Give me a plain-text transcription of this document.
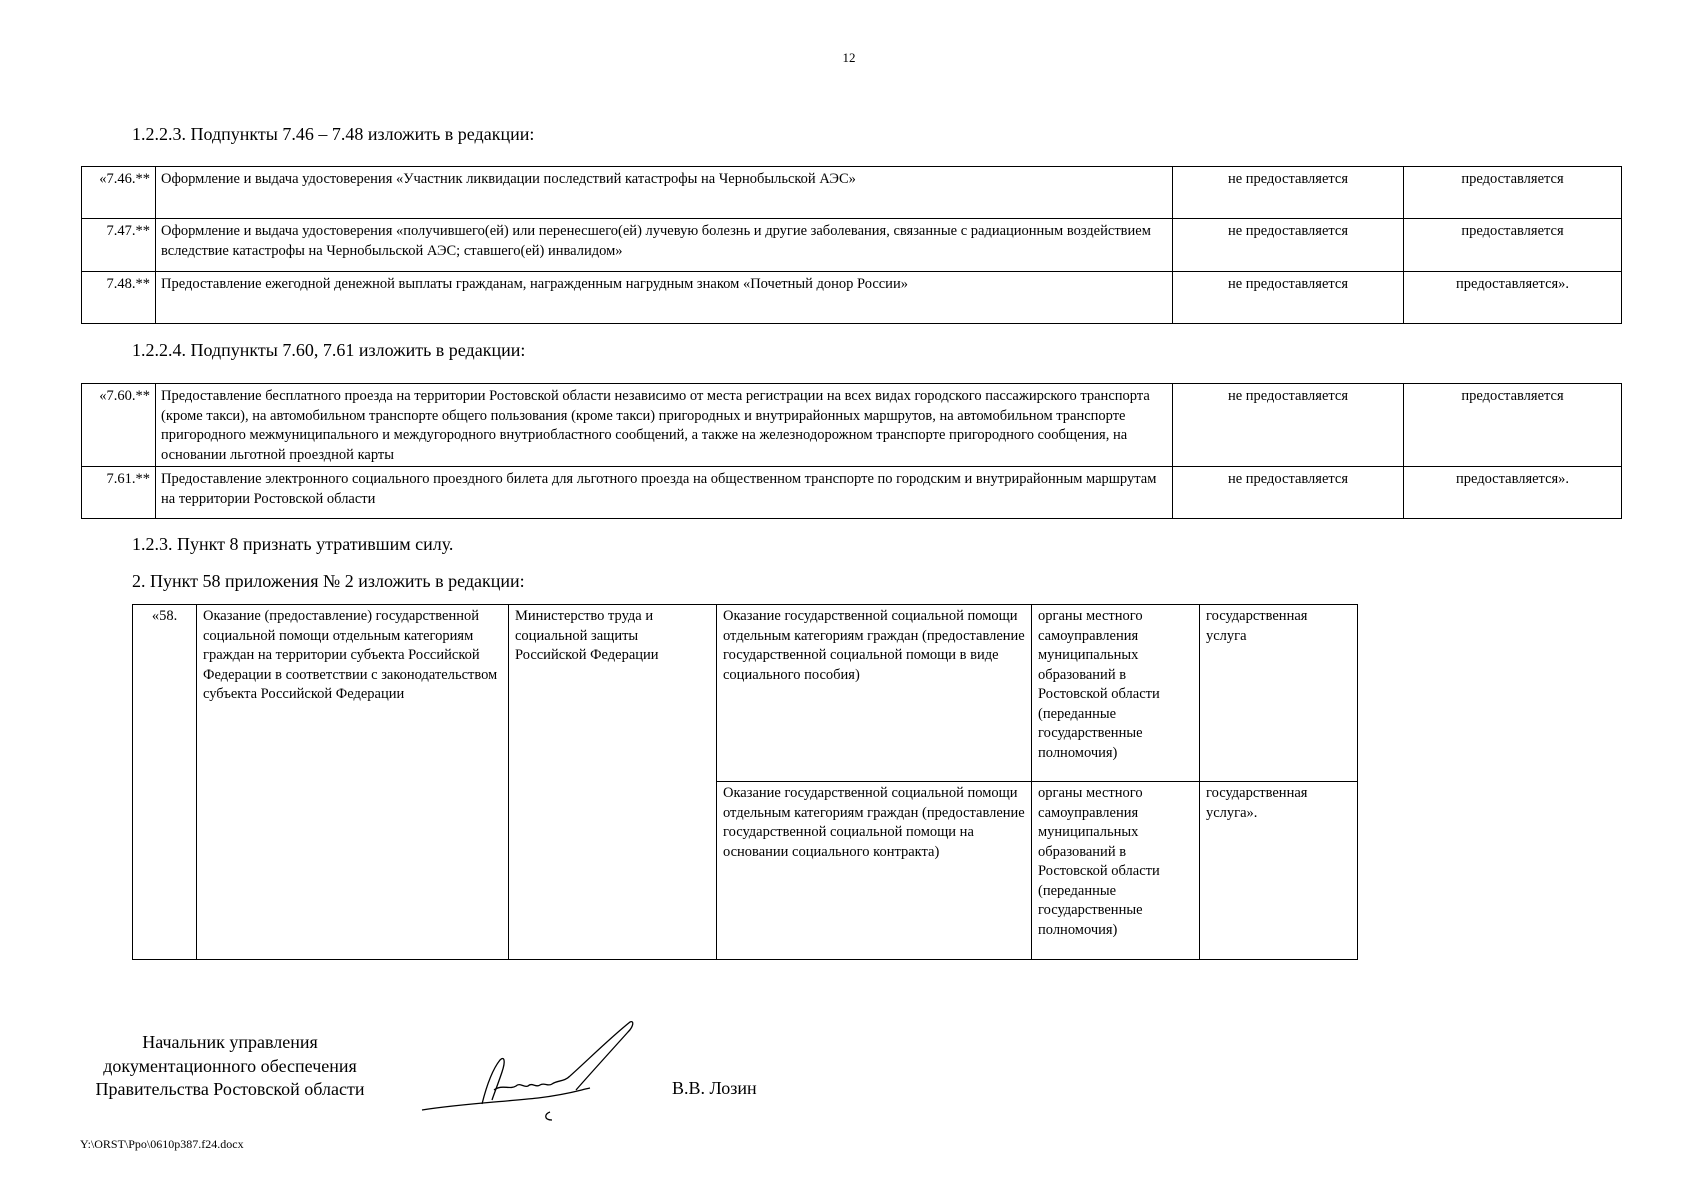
12
1.2.2.3. Подпункты 7.46 – 7.48 изложить в редакции:
«7.46.**	Оформление и выдача удостоверения «Участник ликвидации последствий катастрофы на Чернобыльской АЭС»	не предоставляется	предоставляется
7.47.**	Оформление и выдача удостоверения «получившего(ей) или перенесшего(ей) лучевую болезнь и другие заболевания, связанные с радиационным воздействием вследствие катастрофы на Чернобыльской АЭС; ставшего(ей) инвалидом»	не предоставляется	предоставляется
7.48.**	Предоставление ежегодной денежной выплаты гражданам, награжденным нагрудным знаком «Почетный донор России»	не предоставляется	предоставляется».
1.2.2.4. Подпункты 7.60, 7.61 изложить в редакции:
«7.60.**	Предоставление бесплатного проезда на территории Ростовской области независимо от места регистрации на всех видах городского пассажирского транспорта (кроме такси), на автомобильном транспорте общего пользования (кроме такси) пригородных и внутрирайонных маршрутов, на автомобильном транспорте пригородного межмуниципального и междугородного внутриобластного сообщений, а также на железнодорожном транспорте пригородного сообщения, на основании льготной проездной карты	не предоставляется	предоставляется
7.61.**	Предоставление электронного социального проездного билета для льготного проезда на общественном транспорте по городским и внутрирайонным маршрутам на территории Ростовской области	не предоставляется	предоставляется».
1.2.3. Пункт 8 признать утратившим силу.
2. Пункт 58 приложения № 2 изложить в редакции:
«58.	Оказание (предоставление) государственной социальной помощи отдельным категориям граждан на территории субъекта Российской Федерации в соответствии с законодательством субъекта Российской Федерации	Министерство труда и социальной защиты Российской Федерации	Оказание государственной социальной помощи отдельным категориям граждан (предоставление государственной социальной помощи в виде социального пособия)	органы местного самоуправления муниципальных образований в Ростовской области (переданные государственные полномочия)	государственная услуга
			Оказание государственной социальной помощи отдельным категориям граждан (предоставление государственной социальной помощи на основании социального контракта)	органы местного самоуправления муниципальных образований в Ростовской области (переданные государственные полномочия)	государственная услуга».
Начальник управления документационного обеспечения Правительства Ростовской области	В.В. Лозин
Y:\ORST\Ppo\0610p387.f24.docx
